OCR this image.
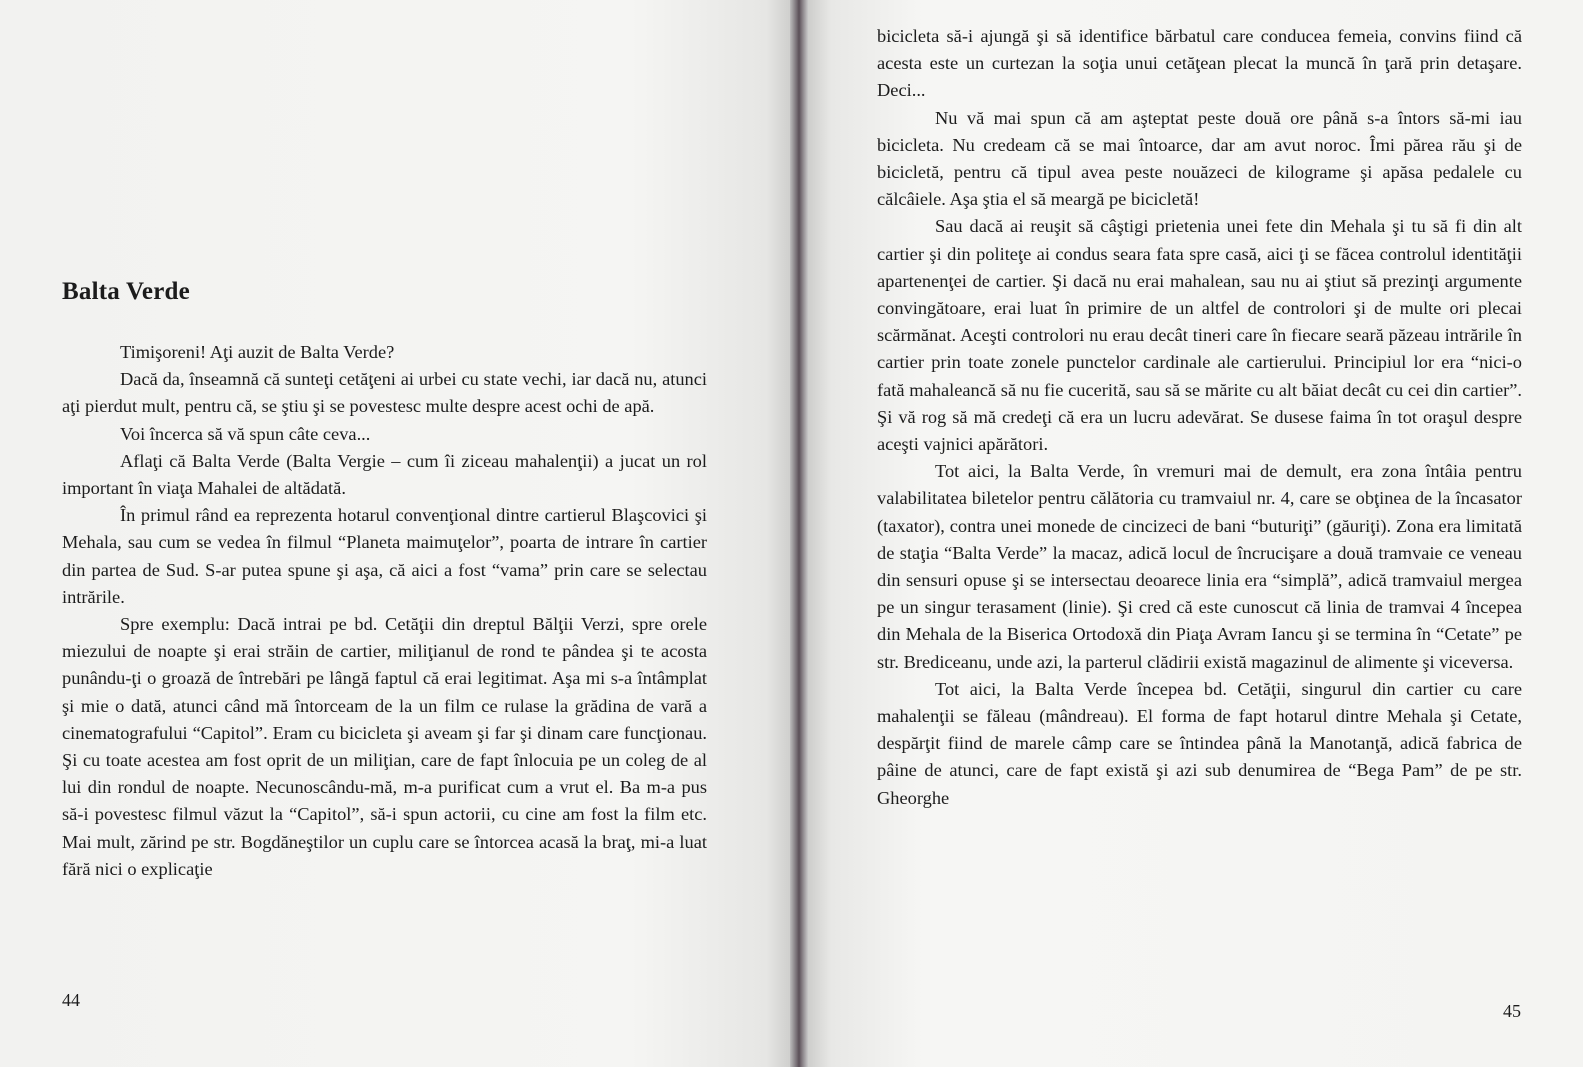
Balta Verde

Timişoreni! Aţi auzit de Balta Verde?

Dacă da, înseamnă că sunteţi cetăţeni ai urbei cu state vechi, iar dacă nu, atunci aţi pierdut mult, pentru că, se ştiu şi se povestesc multe despre acest ochi de apă.

Voi încerca să vă spun câte ceva...

Aflaţi că Balta Verde (Balta Vergie – cum îi ziceau mahalenţii) a jucat un rol important în viaţa Mahalei de altădată.

În primul rând ea reprezenta hotarul convenţional dintre cartierul Blaşcovici şi Mehala, sau cum se vedea în filmul “Planeta maimuţelor”, poarta de intrare în cartier din partea de Sud. S-ar putea spune şi aşa, că aici a fost “vama” prin care se selectau intrările.

Spre exemplu: Dacă intrai pe bd. Cetăţii din dreptul Bălţii Verzi, spre orele miezului de noapte şi erai străin de cartier, miliţianul de rond te pândea şi te acosta punându-ţi o groază de întrebări pe lângă faptul că erai legitimat. Aşa mi s-a întâmplat şi mie o dată, atunci când mă întorceam de la un film ce rulase la grădina de vară a cinematografului “Capitol”. Eram cu bicicleta şi aveam şi far şi dinam care funcţionau. Şi cu toate acestea am fost oprit de un miliţian, care de fapt înlocuia pe un coleg de al lui din rondul de noapte. Necunoscându-mă, m-a purificat cum a vrut el. Ba m-a pus să-i povestesc filmul văzut la “Capitol”, să-i spun actorii, cu cine am fost la film etc. Mai mult, zărind pe str. Bogdăneştilor un cuplu care se întorcea acasă la braţ, mi-a luat fără nici o explicaţie

44

bicicleta să-i ajungă şi să identifice bărbatul care conducea femeia, convins fiind că acesta este un curtezan la soţia unui cetăţean plecat la muncă în ţară prin detaşare. Deci...

Nu vă mai spun că am aşteptat peste două ore până s-a întors să-mi iau bicicleta. Nu credeam că se mai întoarce, dar am avut noroc. Îmi părea rău şi de bicicletă, pentru că tipul avea peste nouăzeci de kilograme şi apăsa pedalele cu călcâiele. Aşa ştia el să meargă pe bicicletă!

Sau dacă ai reuşit să câştigi prietenia unei fete din Mehala şi tu să fi din alt cartier şi din politeţe ai condus seara fata spre casă, aici ţi se făcea controlul identităţii apartenenţei de cartier. Şi dacă nu erai mahalean, sau nu ai ştiut să prezinţi argumente convingătoare, erai luat în primire de un altfel de controlori şi de multe ori plecai scărmănat. Aceşti controlori nu erau decât tineri care în fiecare seară păzeau intrările în cartier prin toate zonele punctelor cardinale ale cartierului. Principiul lor era “nici-o fată mahaleancă să nu fie cucerită, sau să se mărite cu alt băiat decât cu cei din cartier”. Şi vă rog să mă credeţi că era un lucru adevărat. Se dusese faima în tot oraşul despre aceşti vajnici apărători.

Tot aici, la Balta Verde, în vremuri mai de demult, era zona întâia pentru valabilitatea biletelor pentru călătoria cu tramvaiul nr. 4, care se obţinea de la încasator (taxator), contra unei monede de cincizeci de bani “buturiţi” (găuriţi). Zona era limitată de staţia “Balta Verde” la macaz, adică locul de încrucişare a două tramvaie ce veneau din sensuri opuse şi se intersectau deoarece linia era “simplă”, adică tramvaiul mergea pe un singur terasament (linie). Şi cred că este cunoscut că linia de tramvai 4 începea din Mehala de la Biserica Ortodoxă din Piaţa Avram Iancu şi se termina în “Cetate” pe str. Brediceanu, unde azi, la parterul clădirii există magazinul de alimente şi viceversa.

Tot aici, la Balta Verde începea bd. Cetăţii, singurul din cartier cu care mahalenţii se făleau (mândreau). El forma de fapt hotarul dintre Mehala şi Cetate, despărţit fiind de marele câmp care se întindea până la Manotanţă, adică fabrica de pâine de atunci, care de fapt există şi azi sub denumirea de “Bega Pam” de pe str. Gheorghe

45
